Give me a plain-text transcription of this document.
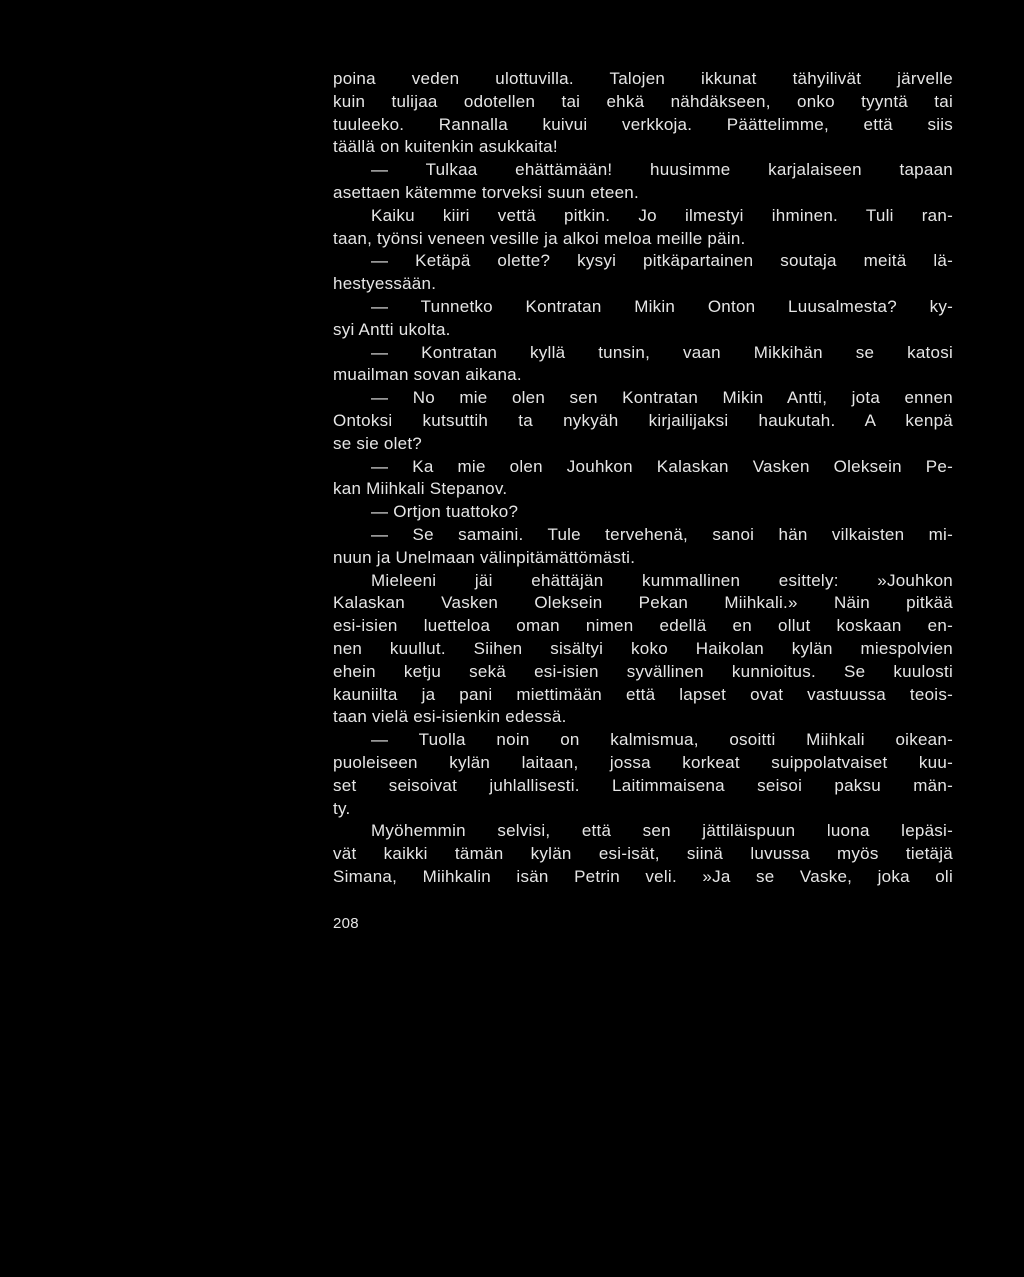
poina veden ulottuvilla. Talojen ikkunat tähyilivät järvelle
kuin tulijaa odotellen tai ehkä nähdäkseen, onko tyyntä tai
tuuleeko. Rannalla kuivui verkkoja. Päättelimme, että siis
täällä on kuitenkin asukkaita!
— Tulkaa ehättämään! huusimme karjalaiseen tapaan
asettaen kätemme torveksi suun eteen.
Kaiku kiiri vettä pitkin. Jo ilmestyi ihminen. Tuli ran-
taan, työnsi veneen vesille ja alkoi meloa meille päin.
— Ketäpä olette? kysyi pitkäpartainen soutaja meitä lä-
hestyessään.
— Tunnetko Kontratan Mikin Onton Luusalmesta? ky-
syi Antti ukolta.
— Kontratan kyllä tunsin, vaan Mikkihän se katosi
muailman sovan aikana.
— No mie olen sen Kontratan Mikin Antti, jota ennen
Ontoksi kutsuttih ta nykyäh kirjailijaksi haukutah. A kenpä
se sie olet?
— Ka mie olen Jouhkon Kalaskan Vasken Oleksein Pe-
kan Miihkali Stepanov.
— Ortjon tuattoko?
— Se samaini. Tule tervehenä, sanoi hän vilkaisten mi-
nuun ja Unelmaan välinpitämättömästi.
Mieleeni jäi ehättäjän kummallinen esittely: »Jouhkon
Kalaskan Vasken Oleksein Pekan Miihkali.» Näin pitkää
esi-isien luetteloa oman nimen edellä en ollut koskaan en-
nen kuullut. Siihen sisältyi koko Haikolan kylän miespolvien
ehein ketju sekä esi-isien syvällinen kunnioitus. Se kuulosti
kauniilta ja pani miettimään että lapset ovat vastuussa teois-
taan vielä esi-isienkin edessä.
— Tuolla noin on kalmismua, osoitti Miihkali oikean-
puoleiseen kylän laitaan, jossa korkeat suippolatvaiset kuu-
set seisoivat juhlallisesti. Laitimmaisena seisoi paksu män-
ty.
Myöhemmin selvisi, että sen jättiläispuun luona lepäsi-
vät kaikki tämän kylän esi-isät, siinä luvussa myös tietäjä
Simana, Miihkalin isän Petrin veli. »Ja se Vaske, joka oli
208
